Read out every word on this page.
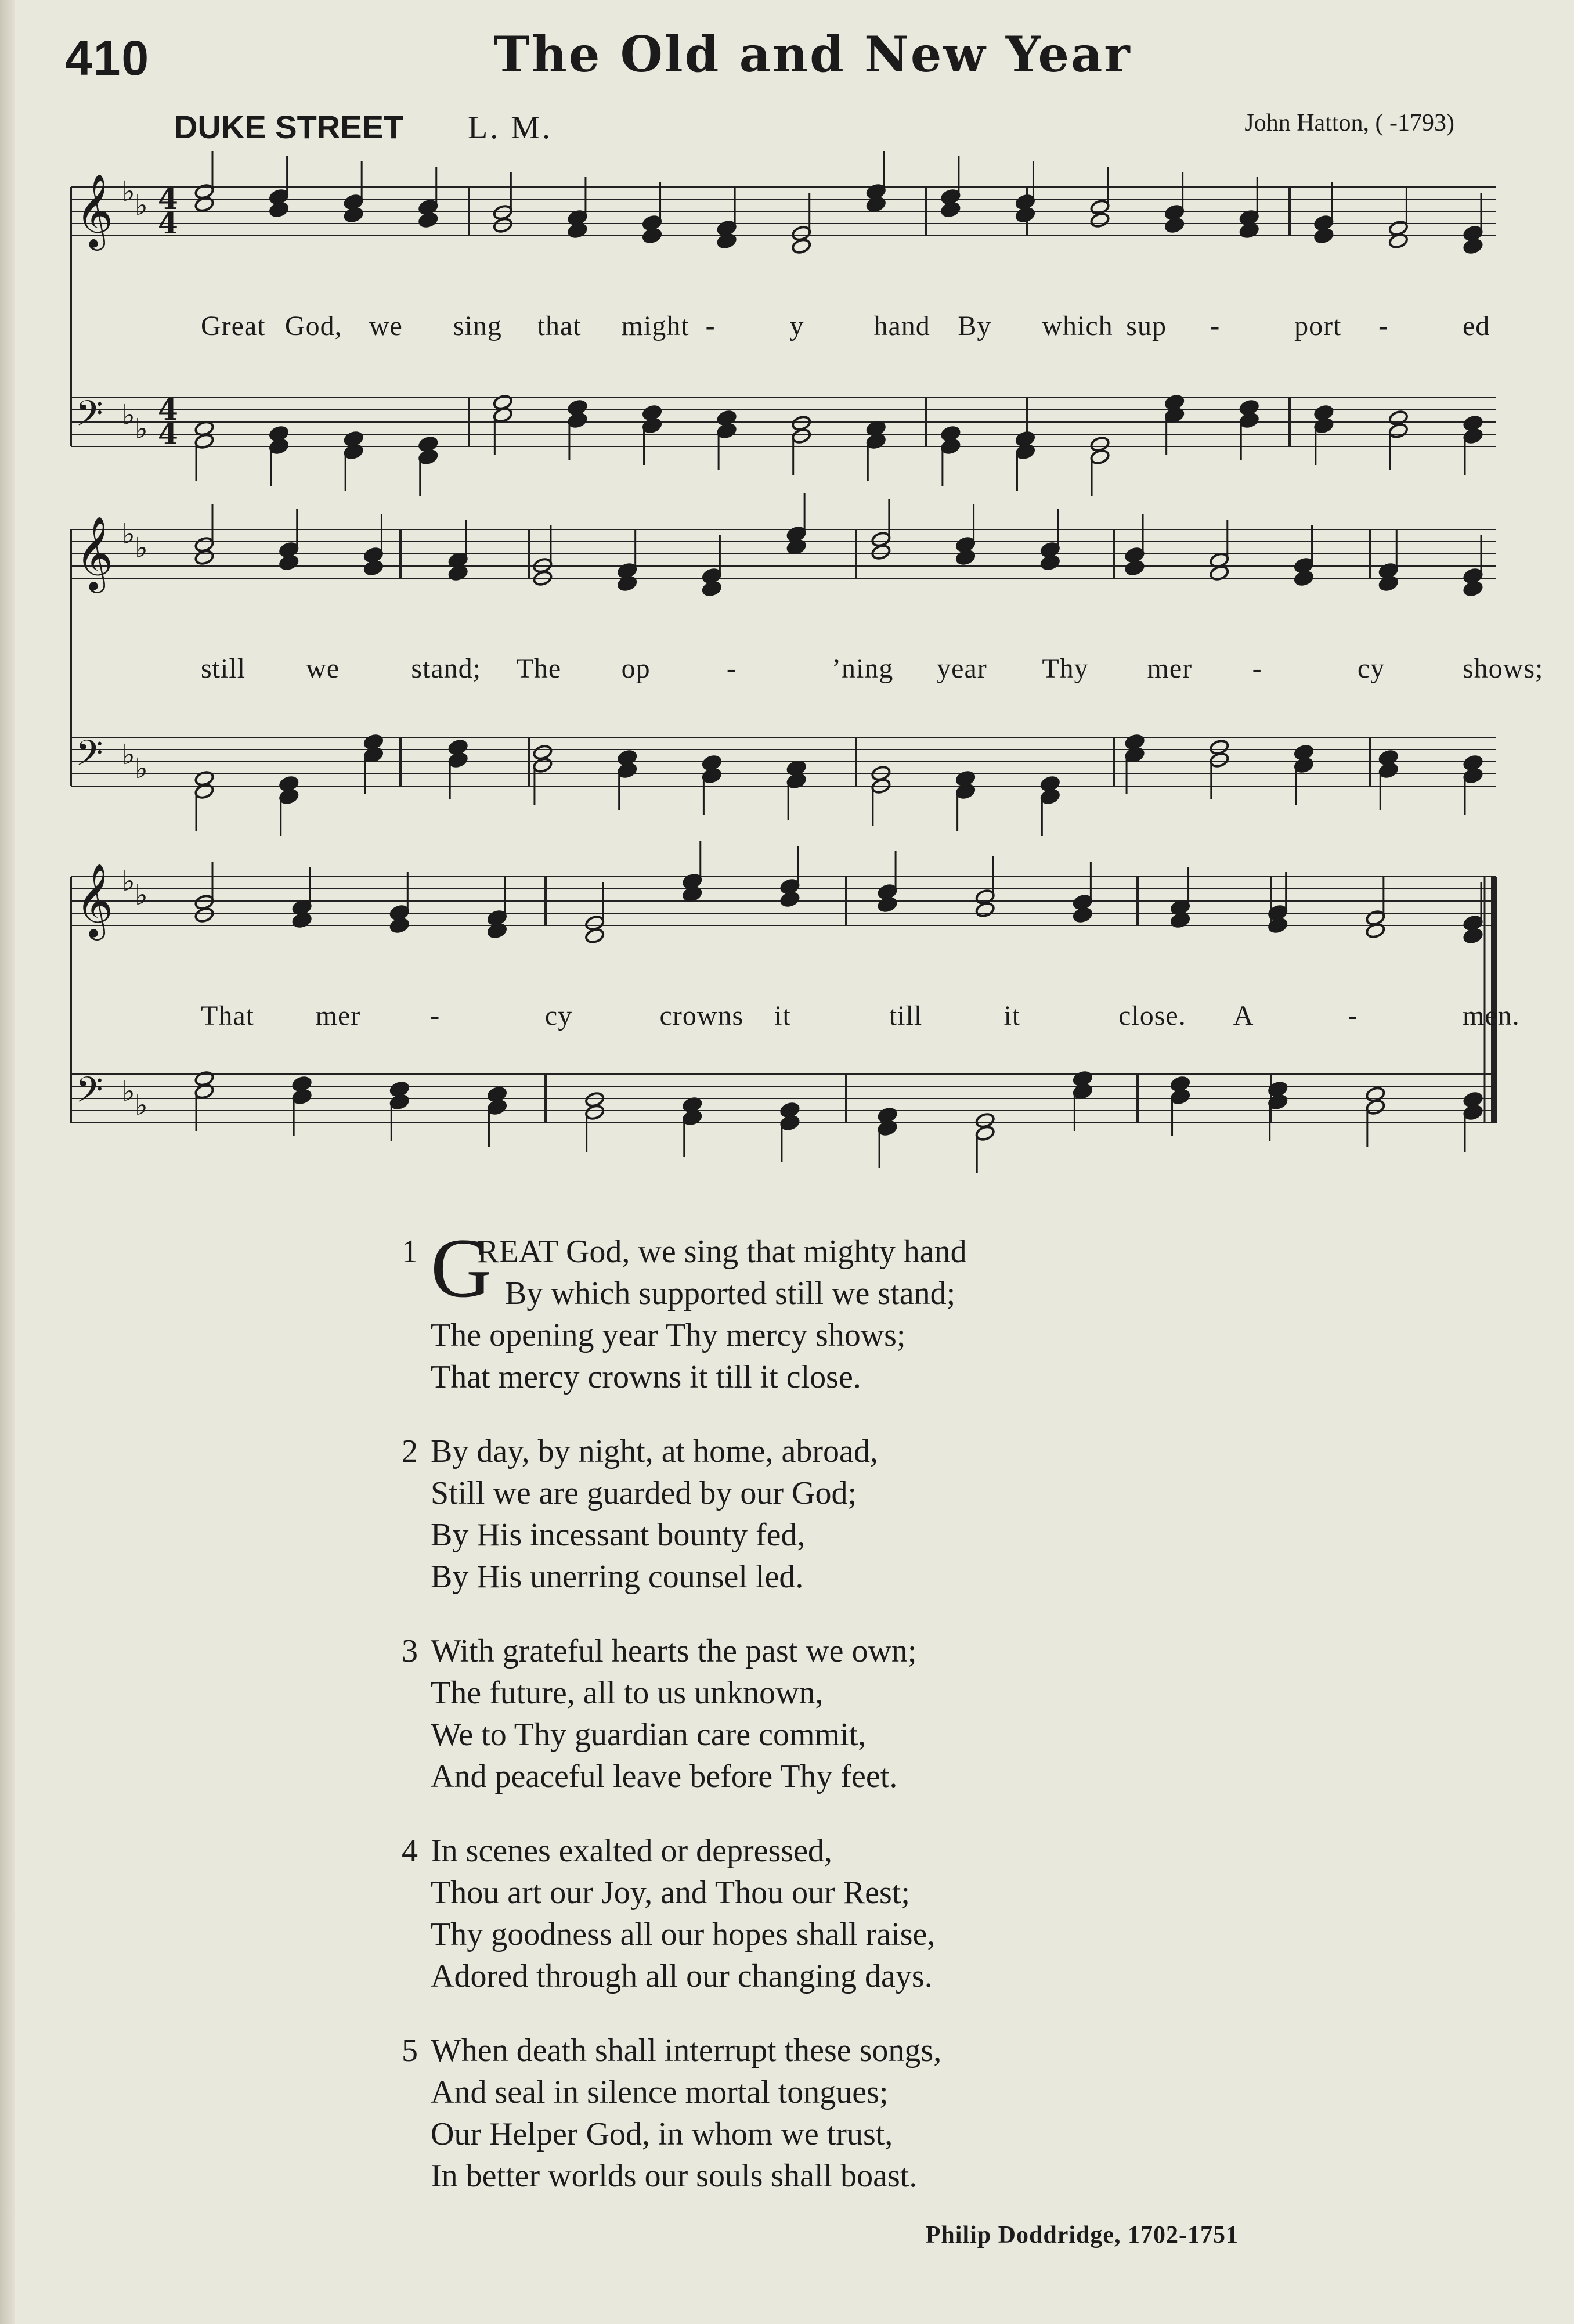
410	The Old and New Year
DUKE STREET L. M.	John Hatton, ( -1793)
𝄞 ♭ ♭ 4
4
𝄢 ♭ ♭
4
4
𝄞 ♭ ♭
𝄢 ♭ ♭
𝄞 ♭ ♭
𝄢 ♭ ♭
Great God, we sing that might -	y hand By which sup -	port -	ed
still we	stand; The op	-	’ning year Thy mer -	cy	shows;
That mer	-	cy	crowns it	till	it	close. A	-	men.
1 G
REAT God, we sing that mighty hand
By which supported still we stand;
The opening year Thy mercy shows;
That mercy crowns it till it close.
2 By day, by night, at home, abroad,
Still we are guarded by our God;
By His incessant bounty fed,
By His unerring counsel led.
3 With grateful hearts the past we own;
The future, all to us unknown,
We to Thy guardian care commit,
And peaceful leave before Thy feet.
4 In scenes exalted or depressed,
Thou art our Joy, and Thou our Rest;
Thy goodness all our hopes shall raise,
Adored through all our changing days.
5 When death shall interrupt these songs,
And seal in silence mortal tongues;
Our Helper God, in whom we trust,
In better worlds our souls shall boast.
Philip Doddridge, 1702-1751
